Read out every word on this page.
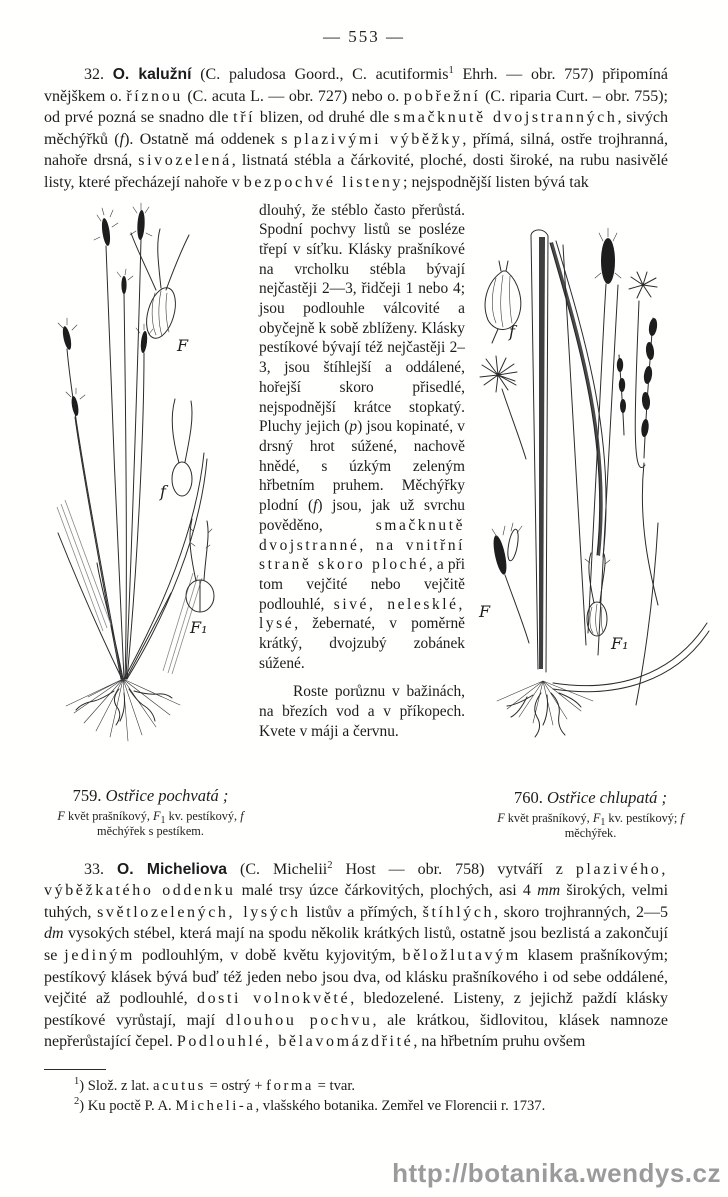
— 553 —

32. O. kalužní (C. paludosa Goord., C. acutiformis$^1$ Ehrh. — obr. 757) připomíná vnějškem o. říznou (C. acuta L. — obr. 727) nebo o. pobřežní (C. riparia Curt. – obr. 755); od prvé pozná se snadno dle tří blizen, od druhé dle smačknutě dvojstranných, sivých měchýřků (f). Ostatně má oddenek s plazivými výběžky, přímá, silná, ostře trojhranná, nahoře drsná, sivozelená, listnatá stébla a čárkovité, ploché, dosti široké, na rubu nasivělé listy, které přecházejí nahoře v bezpochvé listeny; nejspodnější listen bývá tak

F
f
F₁
759. Ostřice pochvatá ;
F květ prašníkový, $F_1$ kv. pestíkový, f měchýřek s pestíkem.

dlouhý, že stéblo často přerůstá. Spodní pochvy listů se posléze třepí v síťku. Klásky prašníkové na vrcholku stébla bývají nejčastěji 2—3, řidčeji 1 nebo 4; jsou podlouhle válcovité a obyčejně k sobě zblíženy. Klásky pestíkové bývají též nejčastěji 2–3, jsou štíhlejší a oddálené, hořejší skoro přisedlé, nejspodnější krátce stopkatý. Pluchy jejich (p) jsou kopinaté, v drsný hrot súžené, nachově hnědé, s úzkým zeleným hřbetním pruhem. Měchýřky plodní (f) jsou, jak už svrchu pověděno, smačknutě dvojstranné, na vnitřní straně skoro ploché, a při tom vejčité nebo vejčitě podlouhlé, sivé, nelesklé, lysé, žebernaté, v poměrně krátký, dvojzubý zobánek súžené.

Roste porůznu v bažinách, na březích vod a v příkopech. Kvete v máji a červnu.

F
f
F₁
760. Ostřice chlupatá ;
F květ prašníkový, $F_1$ kv. pestíkový; f měchýřek.

33. O. Micheliova (C. Michelii$^2$ Host — obr. 758) vytváří z plazivého, výběžkatého oddenku malé trsy úzce čárkovitých, plochých, asi 4 mm širokých, velmi tuhých, světlozelených, lysých listův a přímých, štíhlých, skoro trojhranných, 2—5 dm vysokých stébel, která mají na spodu několik krátkých listů, ostatně jsou bezlistá a zakončují se jediným podlouhlým, v době květu kyjovitým, běložlutavým klasem prašníkovým; pestíkový klásek bývá buď též jeden nebo jsou dva, od klásku prašníkového i od sebe oddálené, vejčité až podlouhlé, dosti volnokvěté, bledozelené. Listeny, z jejichž paždí klásky pestíkové vyrůstají, mají dlouhou pochvu, ale krátkou, šidlovitou, klásek namnoze nepřerůstající čepel. Podlouhlé, bělavomázdřité, na hřbetním pruhu ovšem

$^1$) Slož. z lat. acutus = ostrý + forma = tvar.

$^2$) Ku poctě P. A. Micheli-a, vlašského botanika. Zemřel ve Florencii r. 1737.

http://botanika.wendys.cz
